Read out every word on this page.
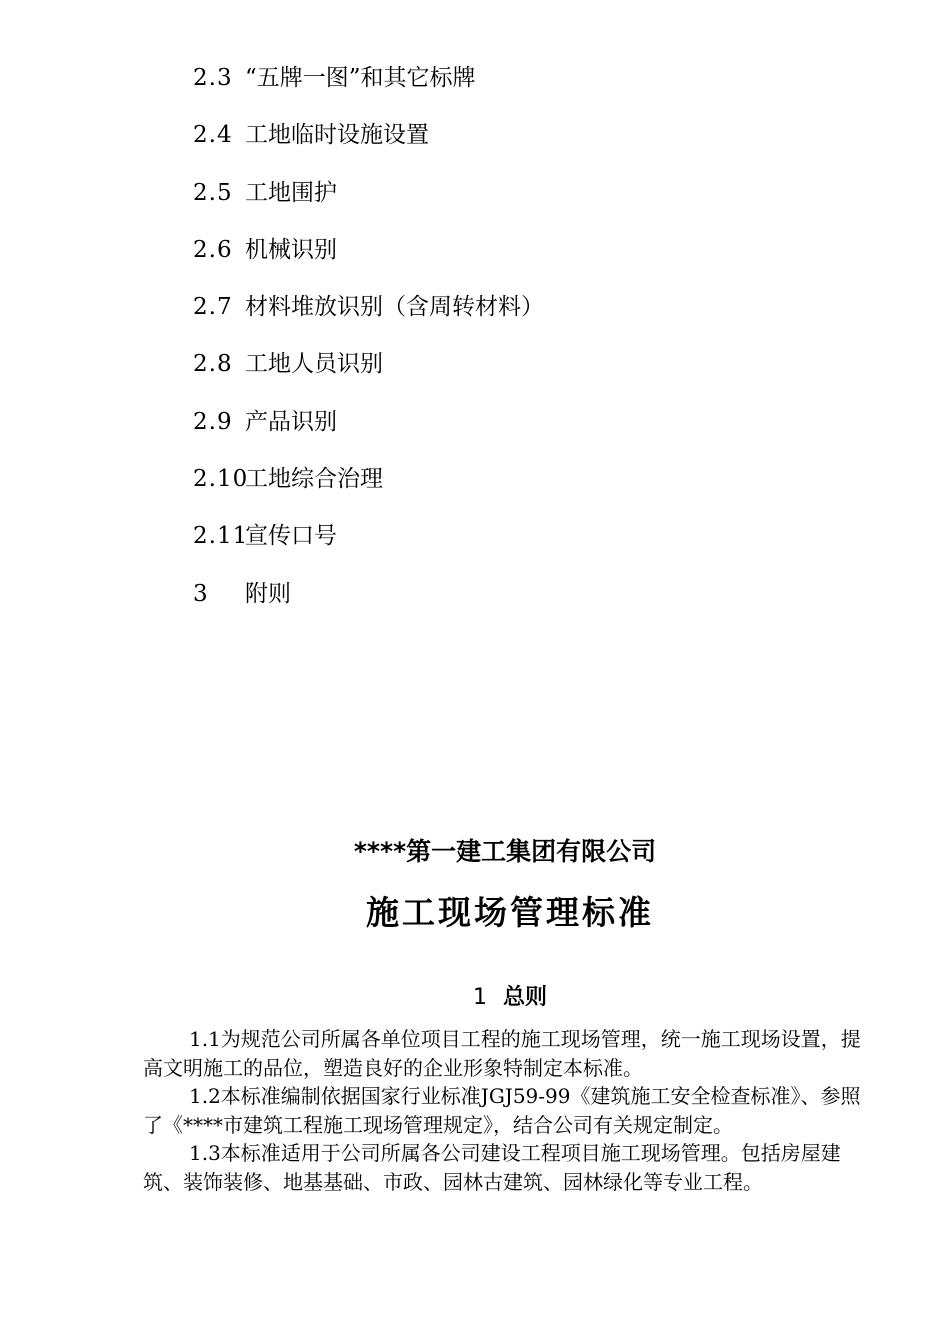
2.3 “五牌一图”和其它标牌
2.4 工地临时设施设置
2.5 工地围护
2.6 机械识别
2.7 材料堆放识别（含周转材料）
2.8 工地人员识别
2.9 产品识别
2.10工地综合治理
2.11宣传口号
3 附则
****第一建工集团有限公司
施工现场管理标准
1 总则

1.1为规范公司所属各单位项目工程的施工现场管理，统一施工现场设置，提高文明施工的品位，塑造良好的企业形象特制定本标准。

1.2本标准编制依据国家行业标准JGJ59-99《建筑施工安全检查标准》、参照了《****市建筑工程施工现场管理规定》，结合公司有关规定制定。

1.3本标准适用于公司所属各公司建设工程项目施工现场管理。包括房屋建筑、装饰装修、地基基础、市政、园林古建筑、园林绿化等专业工程。
